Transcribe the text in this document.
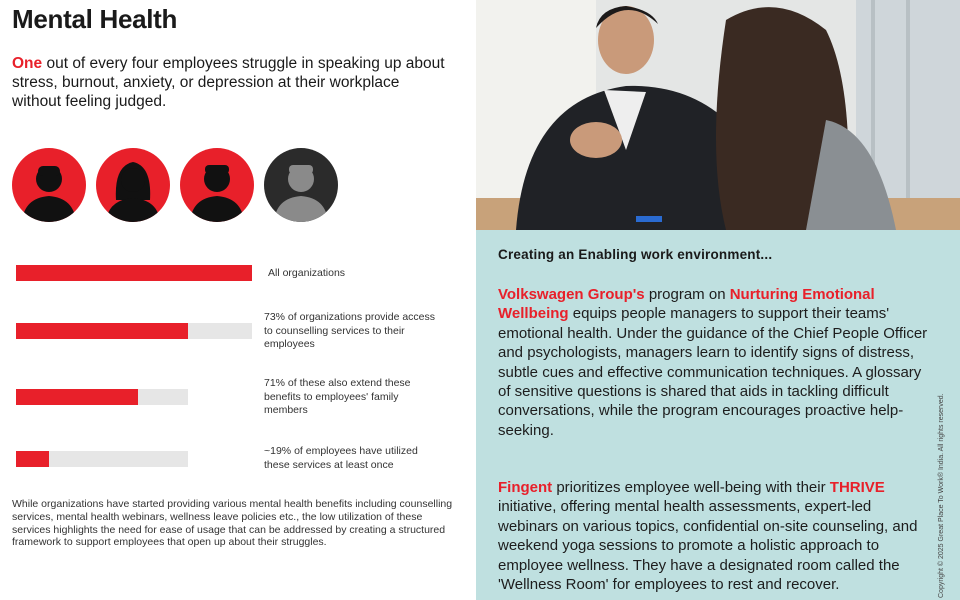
Mental Health
One out of every four employees struggle in speaking up about stress, burnout, anxiety, or depression at their workplace without feeling judged.
All organizations
73% of organizations provide access to counselling services to their employees
71% of these also extend these benefits to employees' family members
~19% of employees have utilized these services at least once
While organizations have started providing various mental health benefits including counselling services, mental health webinars, wellness leave policies etc., the low utilization of these services highlights the need for ease of usage that can be addressed by creating a structured framework to support employees that open up about their struggles.
Creating an Enabling work environment...
Volkswagen Group's program on Nurturing Emotional Wellbeing equips people managers to support their teams' emotional health. Under the guidance of the Chief People Officer and psychologists, managers learn to identify signs of distress, subtle cues and effective communication techniques. A glossary of sensitive questions is shared that aids in tackling difficult conversations, while the program encourages proactive help-seeking.
Fingent prioritizes employee well-being with their THRIVE initiative, offering mental health assessments, expert-led webinars on various topics, confidential on-site counseling, and weekend yoga sessions to promote a holistic approach to employee wellness. They have a designated room called the 'Wellness Room' for employees to rest and recover.	Copyright © 2025 Great Place To Work® India. All rights reserved.
